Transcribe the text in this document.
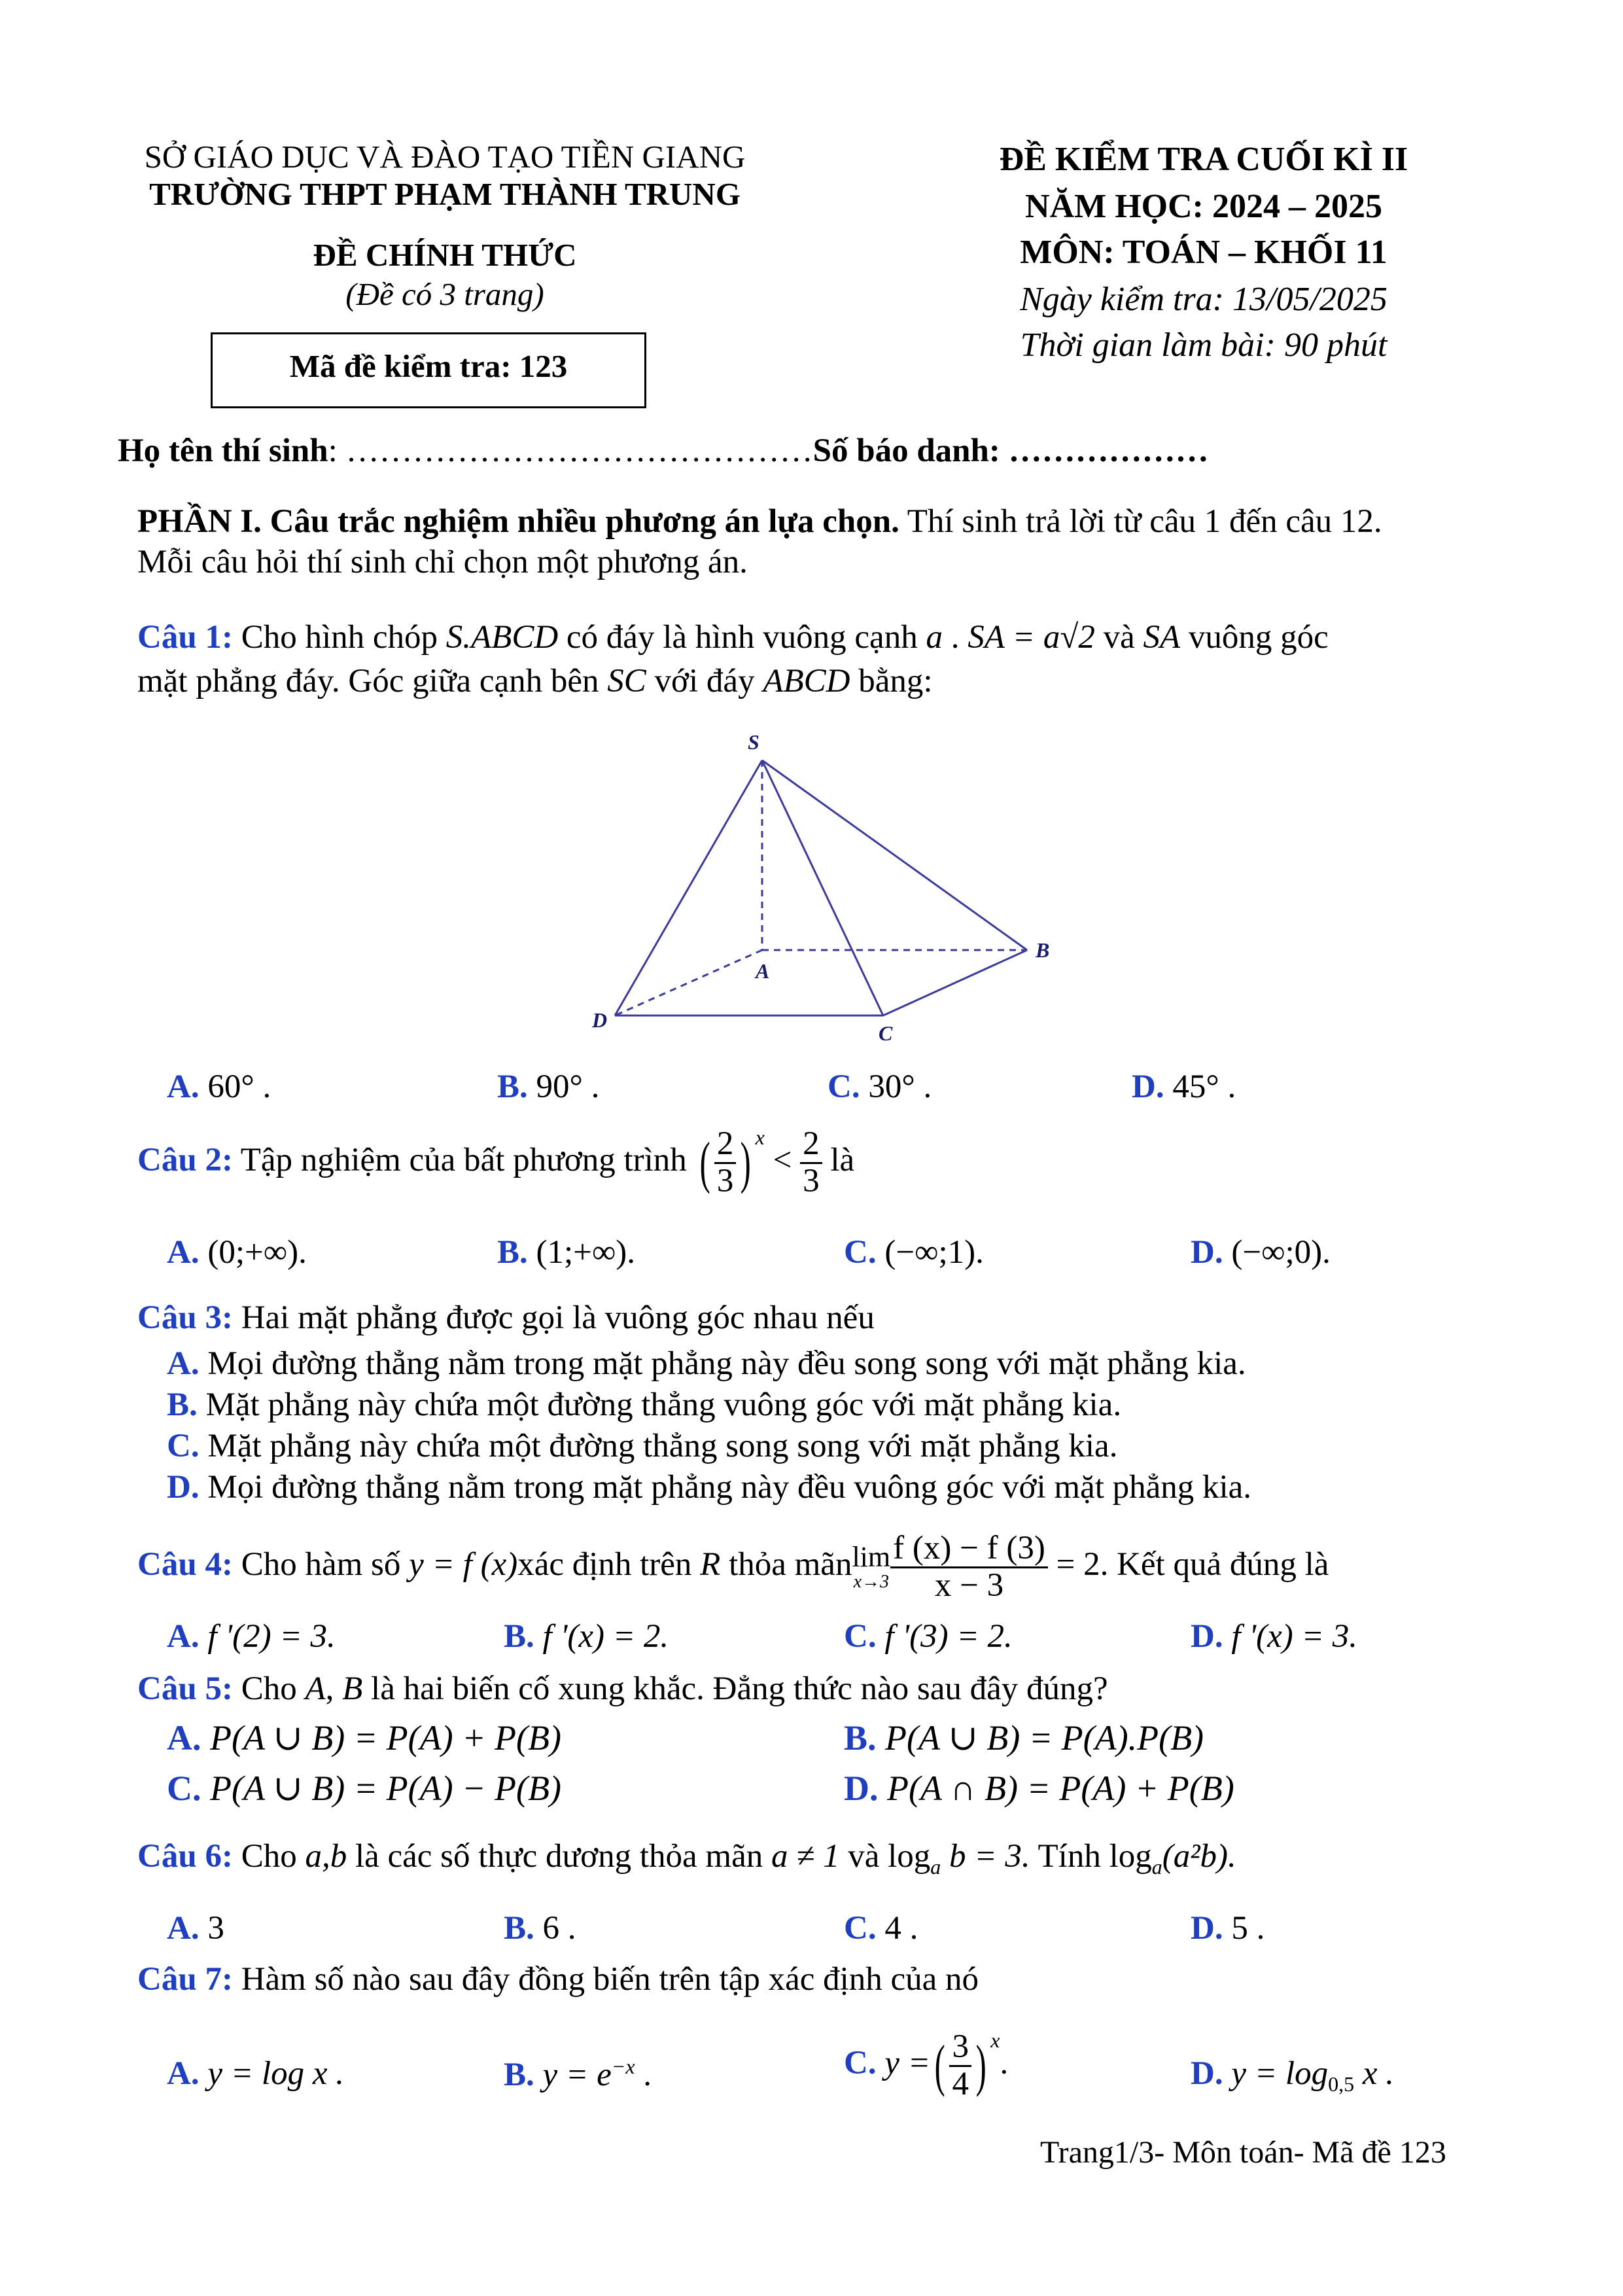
SỞ GIÁO DỤC VÀ ĐÀO TẠO TIỀN GIANG
TRƯỜNG THPT PHẠM THÀNH TRUNG
ĐỀ CHÍNH THỨC
(Đề có 3 trang)
Mã đề kiểm tra: 123
ĐỀ KIỂM TRA CUỐI KÌ II
NĂM HỌC: 2024 – 2025
MÔN: TOÁN – KHỐI 11
Ngày kiểm tra: 13/05/2025
Thời gian làm bài: 90 phút
Họ tên thí sinh: ……………………………………Số báo danh: ………………
PHẦN I. Câu trắc nghiệm nhiều phương án lựa chọn. Thí sinh trả lời từ câu 1 đến câu 12.
Mỗi câu hỏi thí sinh chỉ chọn một phương án.
Câu 1: Cho hình chóp S.ABCD có đáy là hình vuông cạnh a . SA = a√2 và SA vuông góc
mặt phẳng đáy. Góc giữa cạnh bên SC với đáy ABCD bằng:
S
A
B
C
D
A. 60° .	B. 90° .	C. 30° .	D. 45° .
Câu 2: Tập nghiệm của bất phương trình ( $\frac{2}{3}$ ) $^x < \frac{2}{3}$ là
A. (0;+∞).	B. (1;+∞).	C. (−∞;1).	D. (−∞;0).
Câu 3: Hai mặt phẳng được gọi là vuông góc nhau nếu
A. Mọi đường thẳng nằm trong mặt phẳng này đều song song với mặt phẳng kia.
B. Mặt phẳng này chứa một đường thẳng vuông góc với mặt phẳng kia.
C. Mặt phẳng này chứa một đường thẳng song song với mặt phẳng kia.
D. Mọi đường thẳng nằm trong mặt phẳng này đều vuông góc với mặt phẳng kia.
Câu 4: Cho hàm số y = f (x)xác định trên R thỏa mãn lim
$x\to 3 \frac{f (x) - f (3)}{x - 3} = 2$. Kết quả đúng là
A. f '(2) = 3.	B. f '(x) = 2.	C. f '(3) = 2.	D. f '(x) = 3.
Câu 5: Cho A, B là hai biến cố xung khắc. Đẳng thức nào sau đây đúng?
A. P(A ∪ B) = P(A) + P(B)	B. P(A ∪ B) = P(A).P(B)
C. P(A ∪ B) = P(A) − P(B)	D. P(A ∩ B) = P(A) + P(B)
Câu 6: Cho a,b là các số thực dương thỏa mãn a ≠ 1 và $\log_a b = 3$. Tính $\log_a(a^2b)$.
A. 3	B. 6 .	C. 4 .	D. 5 .
Câu 7: Hàm số nào sau đây đồng biến trên tập xác định của nó
A. y = log x .	B. $y = e^{-x}$ .	C. y =( $\frac{3}{4}$ ) $^x$.	D. $y = \log_{0,5} x$ .
Trang1/3- Môn toán- Mã đề 123
